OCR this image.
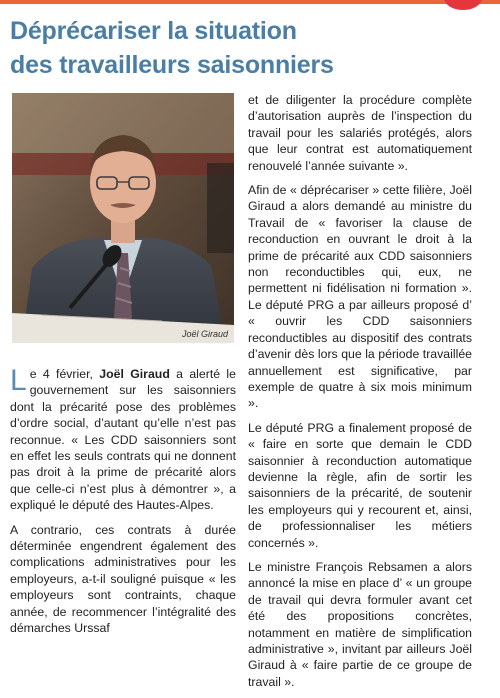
Déprécariser la situation
des travailleurs saisonniers
Joël Giraud

Le 4 février, Joël Giraud a alerté le gouvernement sur les saisonniers dont la précarité pose des problèmes d’ordre social, d’autant qu’elle n’est pas reconnue. « Les CDD saisonniers sont en effet les seuls contrats qui ne donnent pas droit à la prime de précarité alors que celle-ci n’est plus à démontrer », a expliqué le député des Hautes-Alpes.

A contrario, ces contrats à durée déterminée engendrent également des complications administratives pour les employeurs, a-t-il souligné puisque « les employeurs sont contraints, chaque année, de recommencer l’intégralité des démarches Urssaf

et de diligenter la procédure complète d’autorisation auprès de l’inspection du travail pour les salariés protégés, alors que leur contrat est automatiquement renouvelé l’année suivante ».

Afin de « déprécariser » cette filière, Joël Giraud a alors demandé au ministre du Travail de « favoriser la clause de reconduction en ouvrant le droit à la prime de précarité aux CDD saisonniers non reconductibles qui, eux, ne permettent ni fidélisation ni formation ». Le député PRG a par ailleurs proposé d’ « ouvrir les CDD saisonniers reconductibles au dispositif des contrats d’avenir dès lors que la période travaillée annuellement est significative, par exemple de quatre à six mois minimum ».

Le député PRG a finalement proposé de « faire en sorte que demain le CDD saisonnier à reconduction automatique devienne la règle, afin de sortir les saisonniers de la précarité, de soutenir les employeurs qui y recourent et, ainsi, de professionnaliser les métiers concernés ».

Le ministre François Rebsamen a alors annoncé la mise en place d’ « un groupe de travail qui devra formuler avant cet été des propositions concrètes, notamment en matière de simplification administrative », invitant par ailleurs Joël Giraud à « faire partie de ce groupe de travail ».
